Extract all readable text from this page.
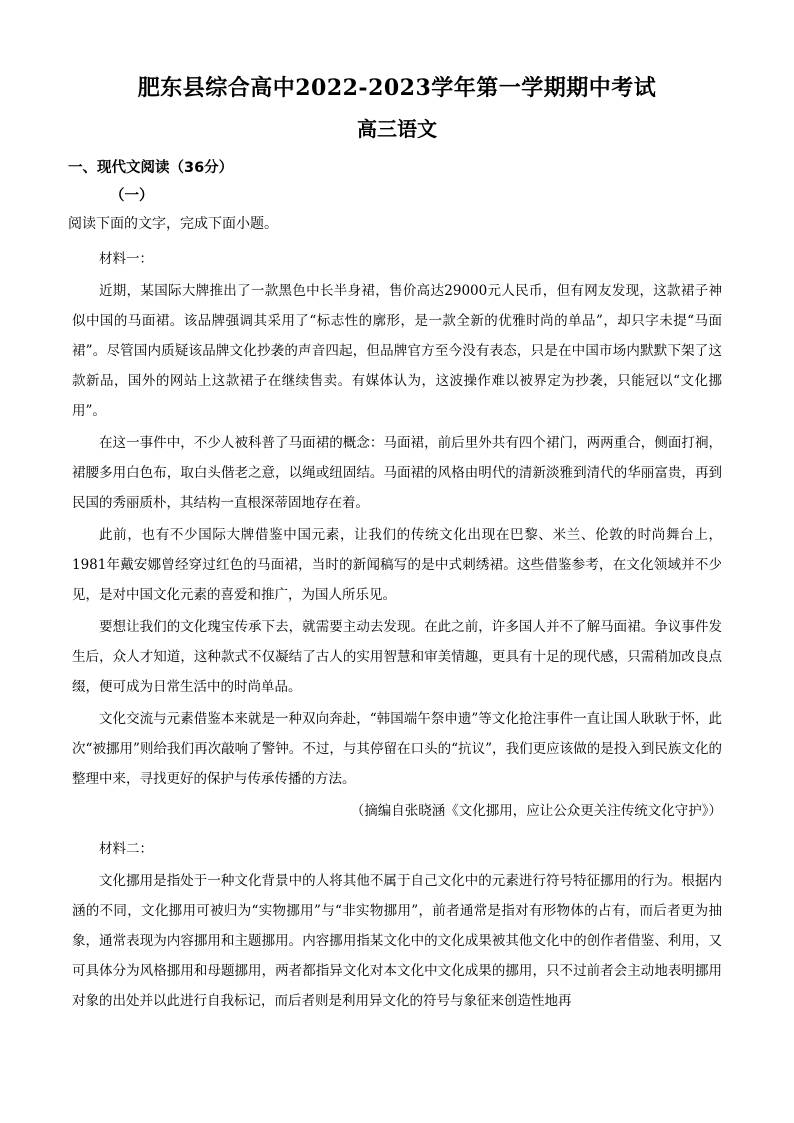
肥东县综合高中2022-2023学年第一学期期中考试
高三语文
一、现代文阅读（36分）
（一）
阅读下面的文字，完成下面小题。
材料一：

近期，某国际大牌推出了一款黑色中长半身裙，售价高达29000元人民币，但有网友发现，这款裙子神似中国的马面裙。该品牌强调其采用了“标志性的廓形，是一款全新的优雅时尚的单品”，却只字未提“马面裙”。尽管国内质疑该品牌文化抄袭的声音四起，但品牌官方至今没有表态，只是在中国市场内默默下架了这款新品，国外的网站上这款裙子在继续售卖。有媒体认为，这波操作难以被界定为抄袭，只能冠以“文化挪用”。

在这一事件中，不少人被科普了马面裙的概念：马面裙，前后里外共有四个裙门，两两重合，侧面打裥，裙腰多用白色布，取白头偕老之意，以绳或纽固结。马面裙的风格由明代的清新淡雅到清代的华丽富贵，再到民国的秀丽质朴，其结构一直根深蒂固地存在着。

此前，也有不少国际大牌借鉴中国元素，让我们的传统文化出现在巴黎、米兰、伦敦的时尚舞台上，1981年戴安娜曾经穿过红色的马面裙，当时的新闻稿写的是中式刺绣裙。这些借鉴参考，在文化领域并不少见，是对中国文化元素的喜爱和推广，为国人所乐见。

要想让我们的文化瑰宝传承下去，就需要主动去发现。在此之前，许多国人并不了解马面裙。争议事件发生后，众人才知道，这种款式不仅凝结了古人的实用智慧和审美情趣，更具有十足的现代感，只需稍加改良点缀，便可成为日常生活中的时尚单品。

文化交流与元素借鉴本来就是一种双向奔赴，“韩国端午祭申遗”等文化抢注事件一直让国人耿耿于怀，此次“被挪用”则给我们再次敲响了警钟。不过，与其停留在口头的“抗议”，我们更应该做的是投入到民族文化的整理中来，寻找更好的保护与传承传播的方法。

（摘编自张晓涵《文化挪用，应让公众更关注传统文化守护》）
材料二：

文化挪用是指处于一种文化背景中的人将其他不属于自己文化中的元素进行符号特征挪用的行为。根据内涵的不同，文化挪用可被归为“实物挪用”与“非实物挪用”，前者通常是指对有形物体的占有，而后者更为抽象，通常表现为内容挪用和主题挪用。内容挪用指某文化中的文化成果被其他文化中的创作者借鉴、利用，又可具体分为风格挪用和母题挪用，两者都指异文化对本文化中文化成果的挪用，只不过前者会主动地表明挪用对象的出处并以此进行自我标记，而后者则是利用异文化的符号与象征来创造性地再
